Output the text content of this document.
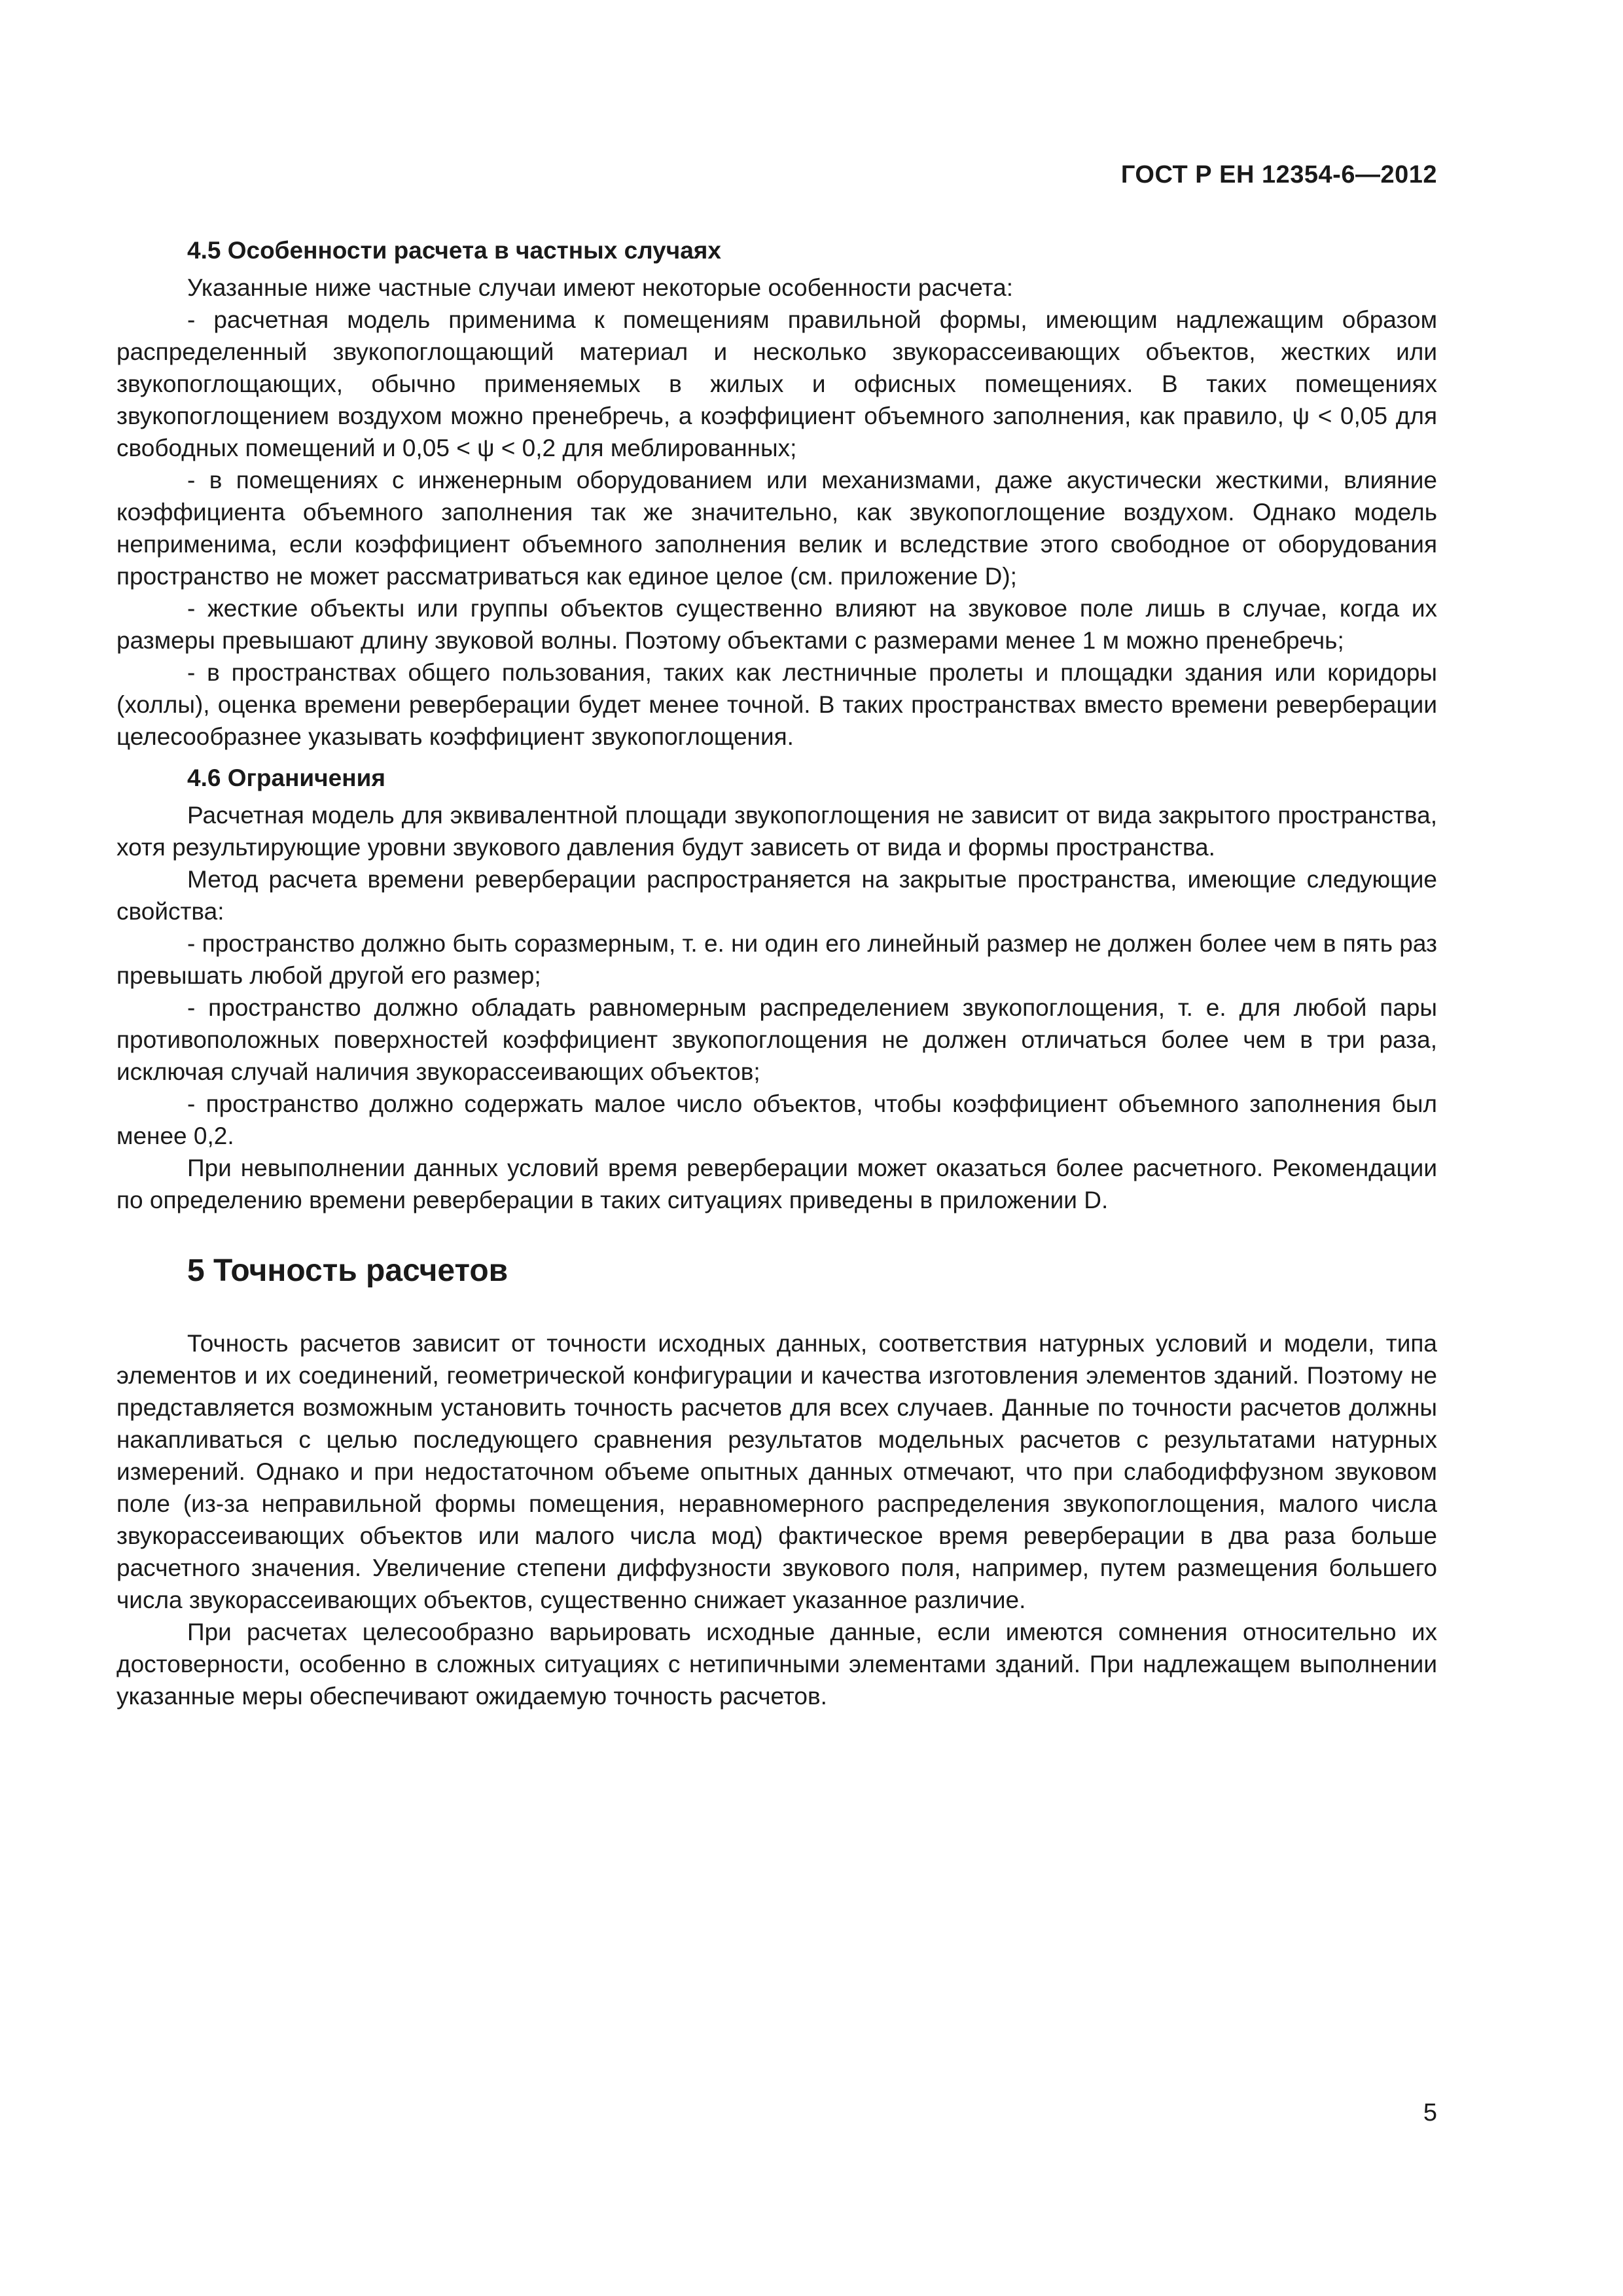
ГОСТ Р ЕН 12354-6—2012
4.5 Особенности расчета в частных случаях

Указанные ниже частные случаи имеют некоторые особенности расчета:

- расчетная модель применима к помещениям правильной формы, имеющим надлежащим образом распределенный звукопоглощающий материал и несколько звукорассеивающих объектов, жестких или звукопоглощающих, обычно применяемых в жилых и офисных помещениях. В таких помещениях звукопоглощением воздухом можно пренебречь, а коэффициент объемного заполнения, как правило, ψ < 0,05 для свободных помещений и 0,05 < ψ < 0,2 для меблированных;

- в помещениях с инженерным оборудованием или механизмами, даже акустически жесткими, влияние коэффициента объемного заполнения так же значительно, как звукопоглощение воздухом. Однако модель неприменима, если коэффициент объемного заполнения велик и вследствие этого свободное от оборудования пространство не может рассматриваться как единое целое (см. приложение D);

- жесткие объекты или группы объектов существенно влияют на звуковое поле лишь в случае, когда их размеры превышают длину звуковой волны. Поэтому объектами с размерами менее 1 м можно пренебречь;

- в пространствах общего пользования, таких как лестничные пролеты и площадки здания или коридоры (холлы), оценка времени реверберации будет менее точной. В таких пространствах вместо времени реверберации целесообразнее указывать коэффициент звукопоглощения.

4.6 Ограничения

Расчетная модель для эквивалентной площади звукопоглощения не зависит от вида закрытого пространства, хотя результирующие уровни звукового давления будут зависеть от вида и формы пространства.

Метод расчета времени реверберации распространяется на закрытые пространства, имеющие следующие свойства:

- пространство должно быть соразмерным, т. е. ни один его линейный размер не должен более чем в пять раз превышать любой другой его размер;

- пространство должно обладать равномерным распределением звукопоглощения, т. е. для любой пары противоположных поверхностей коэффициент звукопоглощения не должен отличаться более чем в три раза, исключая случай наличия звукорассеивающих объектов;

- пространство должно содержать малое число объектов, чтобы коэффициент объемного заполнения был менее 0,2.

При невыполнении данных условий время реверберации может оказаться более расчетного. Рекомендации по определению времени реверберации в таких ситуациях приведены в приложении D.

5 Точность расчетов

Точность расчетов зависит от точности исходных данных, соответствия натурных условий и модели, типа элементов и их соединений, геометрической конфигурации и качества изготовления элементов зданий. Поэтому не представляется возможным установить точность расчетов для всех случаев. Данные по точности расчетов должны накапливаться с целью последующего сравнения результатов модельных расчетов с результатами натурных измерений. Однако и при недостаточном объеме опытных данных отмечают, что при слабодиффузном звуковом поле (из-за неправильной формы помещения, неравномерного распределения звукопоглощения, малого числа звукорассеивающих объектов или малого числа мод) фактическое время реверберации в два раза больше расчетного значения. Увеличение степени диффузности звукового поля, например, путем размещения большего числа звукорассеивающих объектов, существенно снижает указанное различие.

При расчетах целесообразно варьировать исходные данные, если имеются сомнения относительно их достоверности, особенно в сложных ситуациях с нетипичными элементами зданий. При надлежащем выполнении указанные меры обеспечивают ожидаемую точность расчетов.

5
